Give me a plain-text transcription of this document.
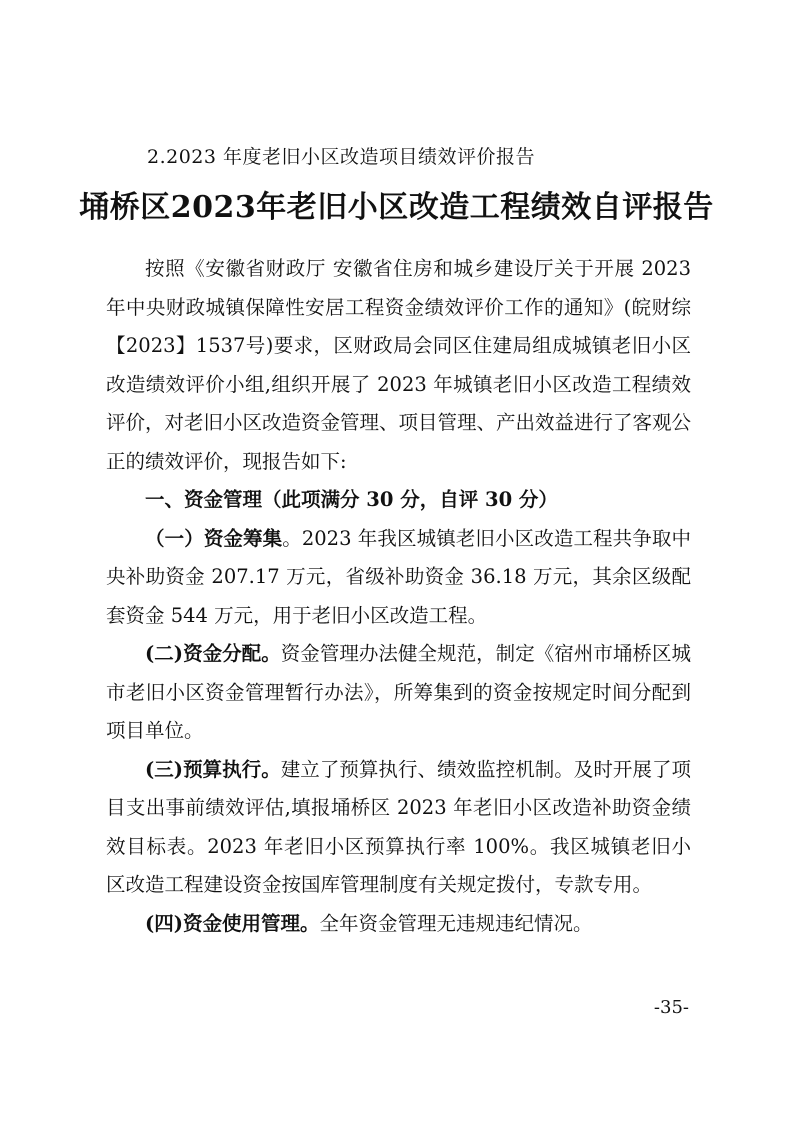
2.2023 年度老旧小区改造项目绩效评价报告
埇桥区2023年老旧小区改造工程绩效自评报告

按照《安徽省财政厅 安徽省住房和城乡建设厅关于开展 2023 年中央财政城镇保障性安居工程资金绩效评价工作的通知》(皖财综【2023】1537号)要求，区财政局会同区住建局组成城镇老旧小区改造绩效评价小组,组织开展了 2023 年城镇老旧小区改造工程绩效评价，对老旧小区改造资金管理、项目管理、产出效益进行了客观公正的绩效评价，现报告如下:

一、资金管理（此项满分 30 分，自评 30 分）

（一）资金筹集。2023 年我区城镇老旧小区改造工程共争取中央补助资金 207.17 万元，省级补助资金 36.18 万元，其余区级配套资金 544 万元，用于老旧小区改造工程。

(二)资金分配。资金管理办法健全规范，制定《宿州市埇桥区城市老旧小区资金管理暂行办法》，所筹集到的资金按规定时间分配到项目单位。

(三)预算执行。建立了预算执行、绩效监控机制。及时开展了项目支出事前绩效评估,填报埇桥区 2023 年老旧小区改造补助资金绩效目标表。2023 年老旧小区预算执行率 100%。我区城镇老旧小区改造工程建设资金按国库管理制度有关规定拨付，专款专用。

(四)资金使用管理。全年资金管理无违规违纪情况。

-35-
